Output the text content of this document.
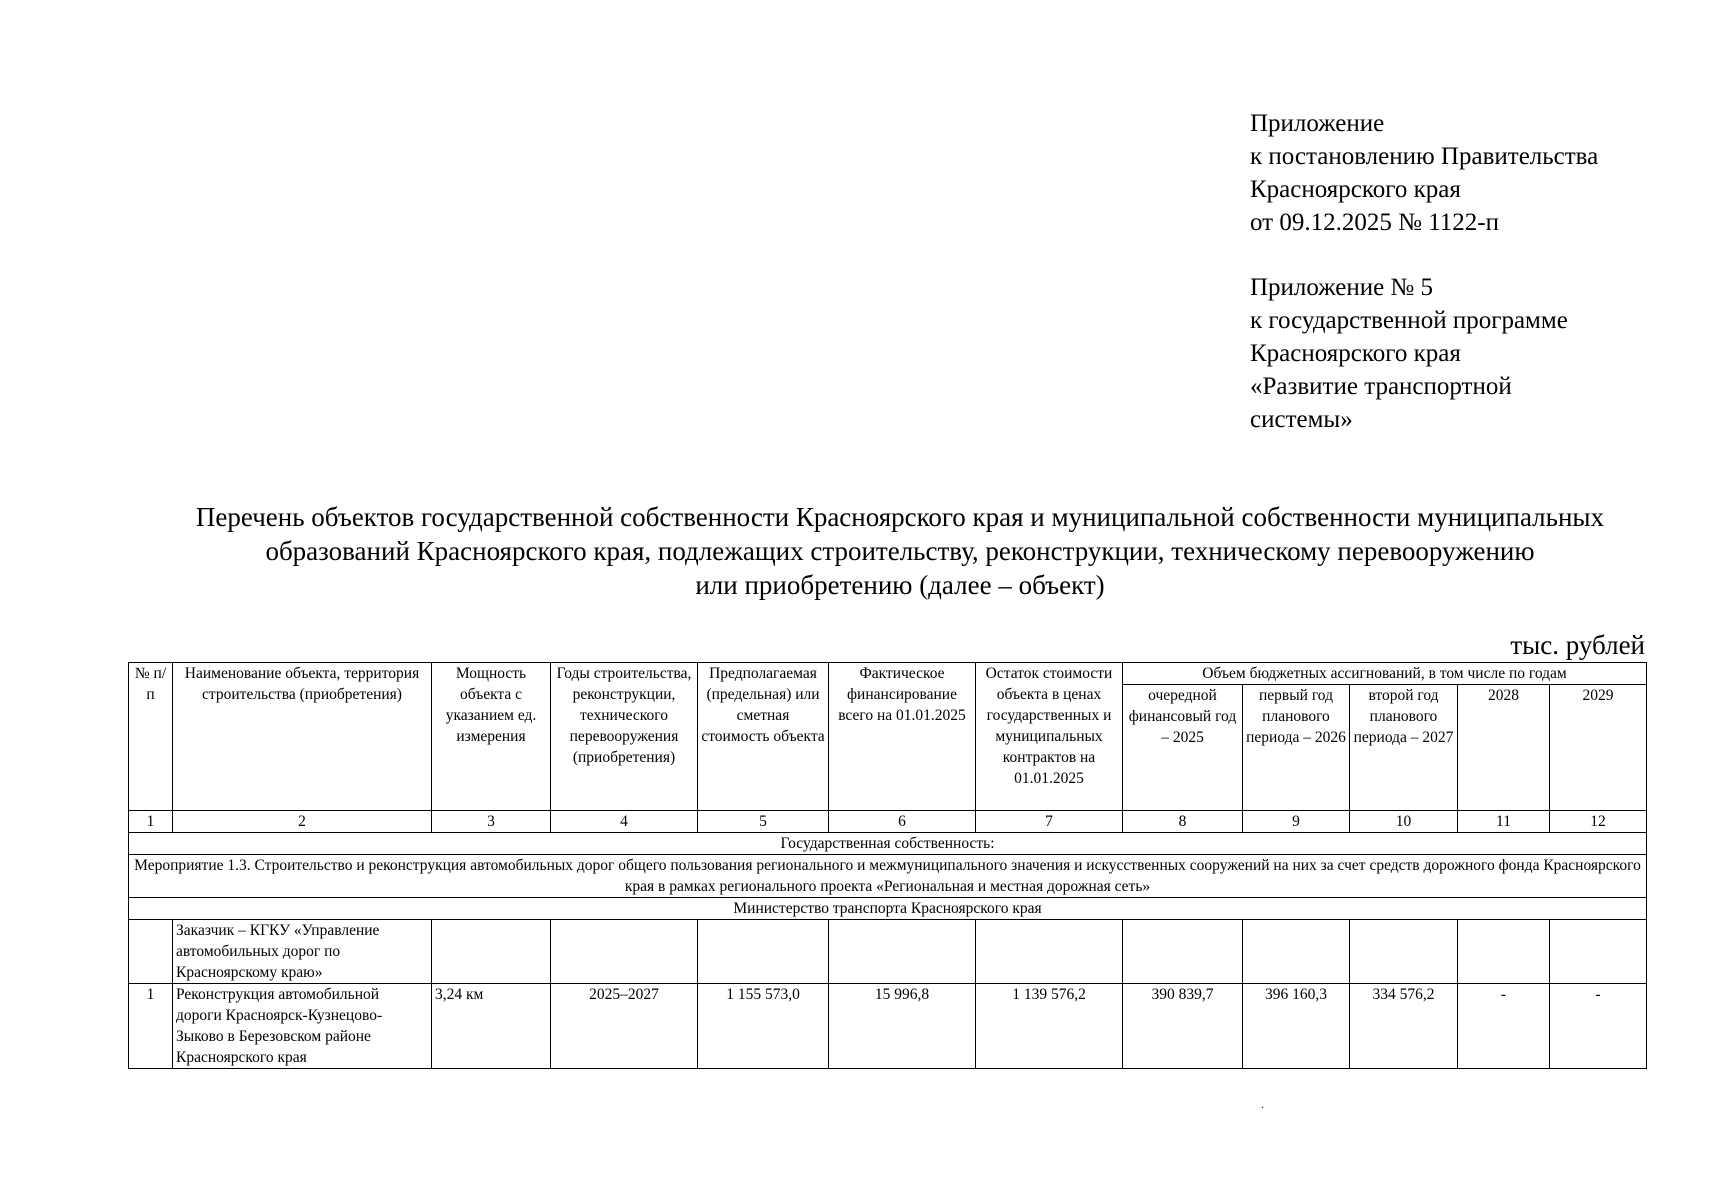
Приложение
к постановлению Правительства
Красноярского края
от 09.12.2025 № 1122-п
Приложение № 5
к государственной программе
Красноярского края
«Развитие транспортной
системы»
Перечень объектов государственной собственности Красноярского края и муниципальной собственности муниципальных
образований Красноярского края, подлежащих строительству, реконструкции, техническому перевооружению
или приобретению (далее – объект)
тыс. рублей
№ п/п	Наименование объекта, территория строительства (приобретения)	Мощность объекта с указанием ед. измерения	Годы строительства, реконструкции, технического перевооружения (приобретения)	Предполагаемая (предельная) или сметная стоимость объекта	Фактическое финансирование всего на 01.01.2025	Остаток стоимости объекта в ценах государственных и муниципальных контрактов на 01.01.2025	Объем бюджетных ассигнований, в том числе по годам				
							очередной финансовый год – 2025	первый год планового периода – 2026	второй год планового периода – 2027	2028	2029
1	2	3	4	5	6	7	8	9	10	11	12
Государственная собственность:											
Мероприятие 1.3. Строительство и реконструкция автомобильных дорог общего пользования регионального и межмуниципального значения и искусственных сооружений на них за счет средств дорожного фонда Красноярского края в рамках регионального проекта «Региональная и местная дорожная сеть»											
Министерство транспорта Красноярского края											
	Заказчик – КГКУ «Управление автомобильных дорог по Красноярскому краю»										
1	Реконструкция автомобильной дороги Красноярск-Кузнецово-Зыково в Березовском районе Красноярского края	3,24 км	2025–2027	1 155 573,0	15 996,8	1 139 576,2	390 839,7	396 160,3	334 576,2	-	-
.
